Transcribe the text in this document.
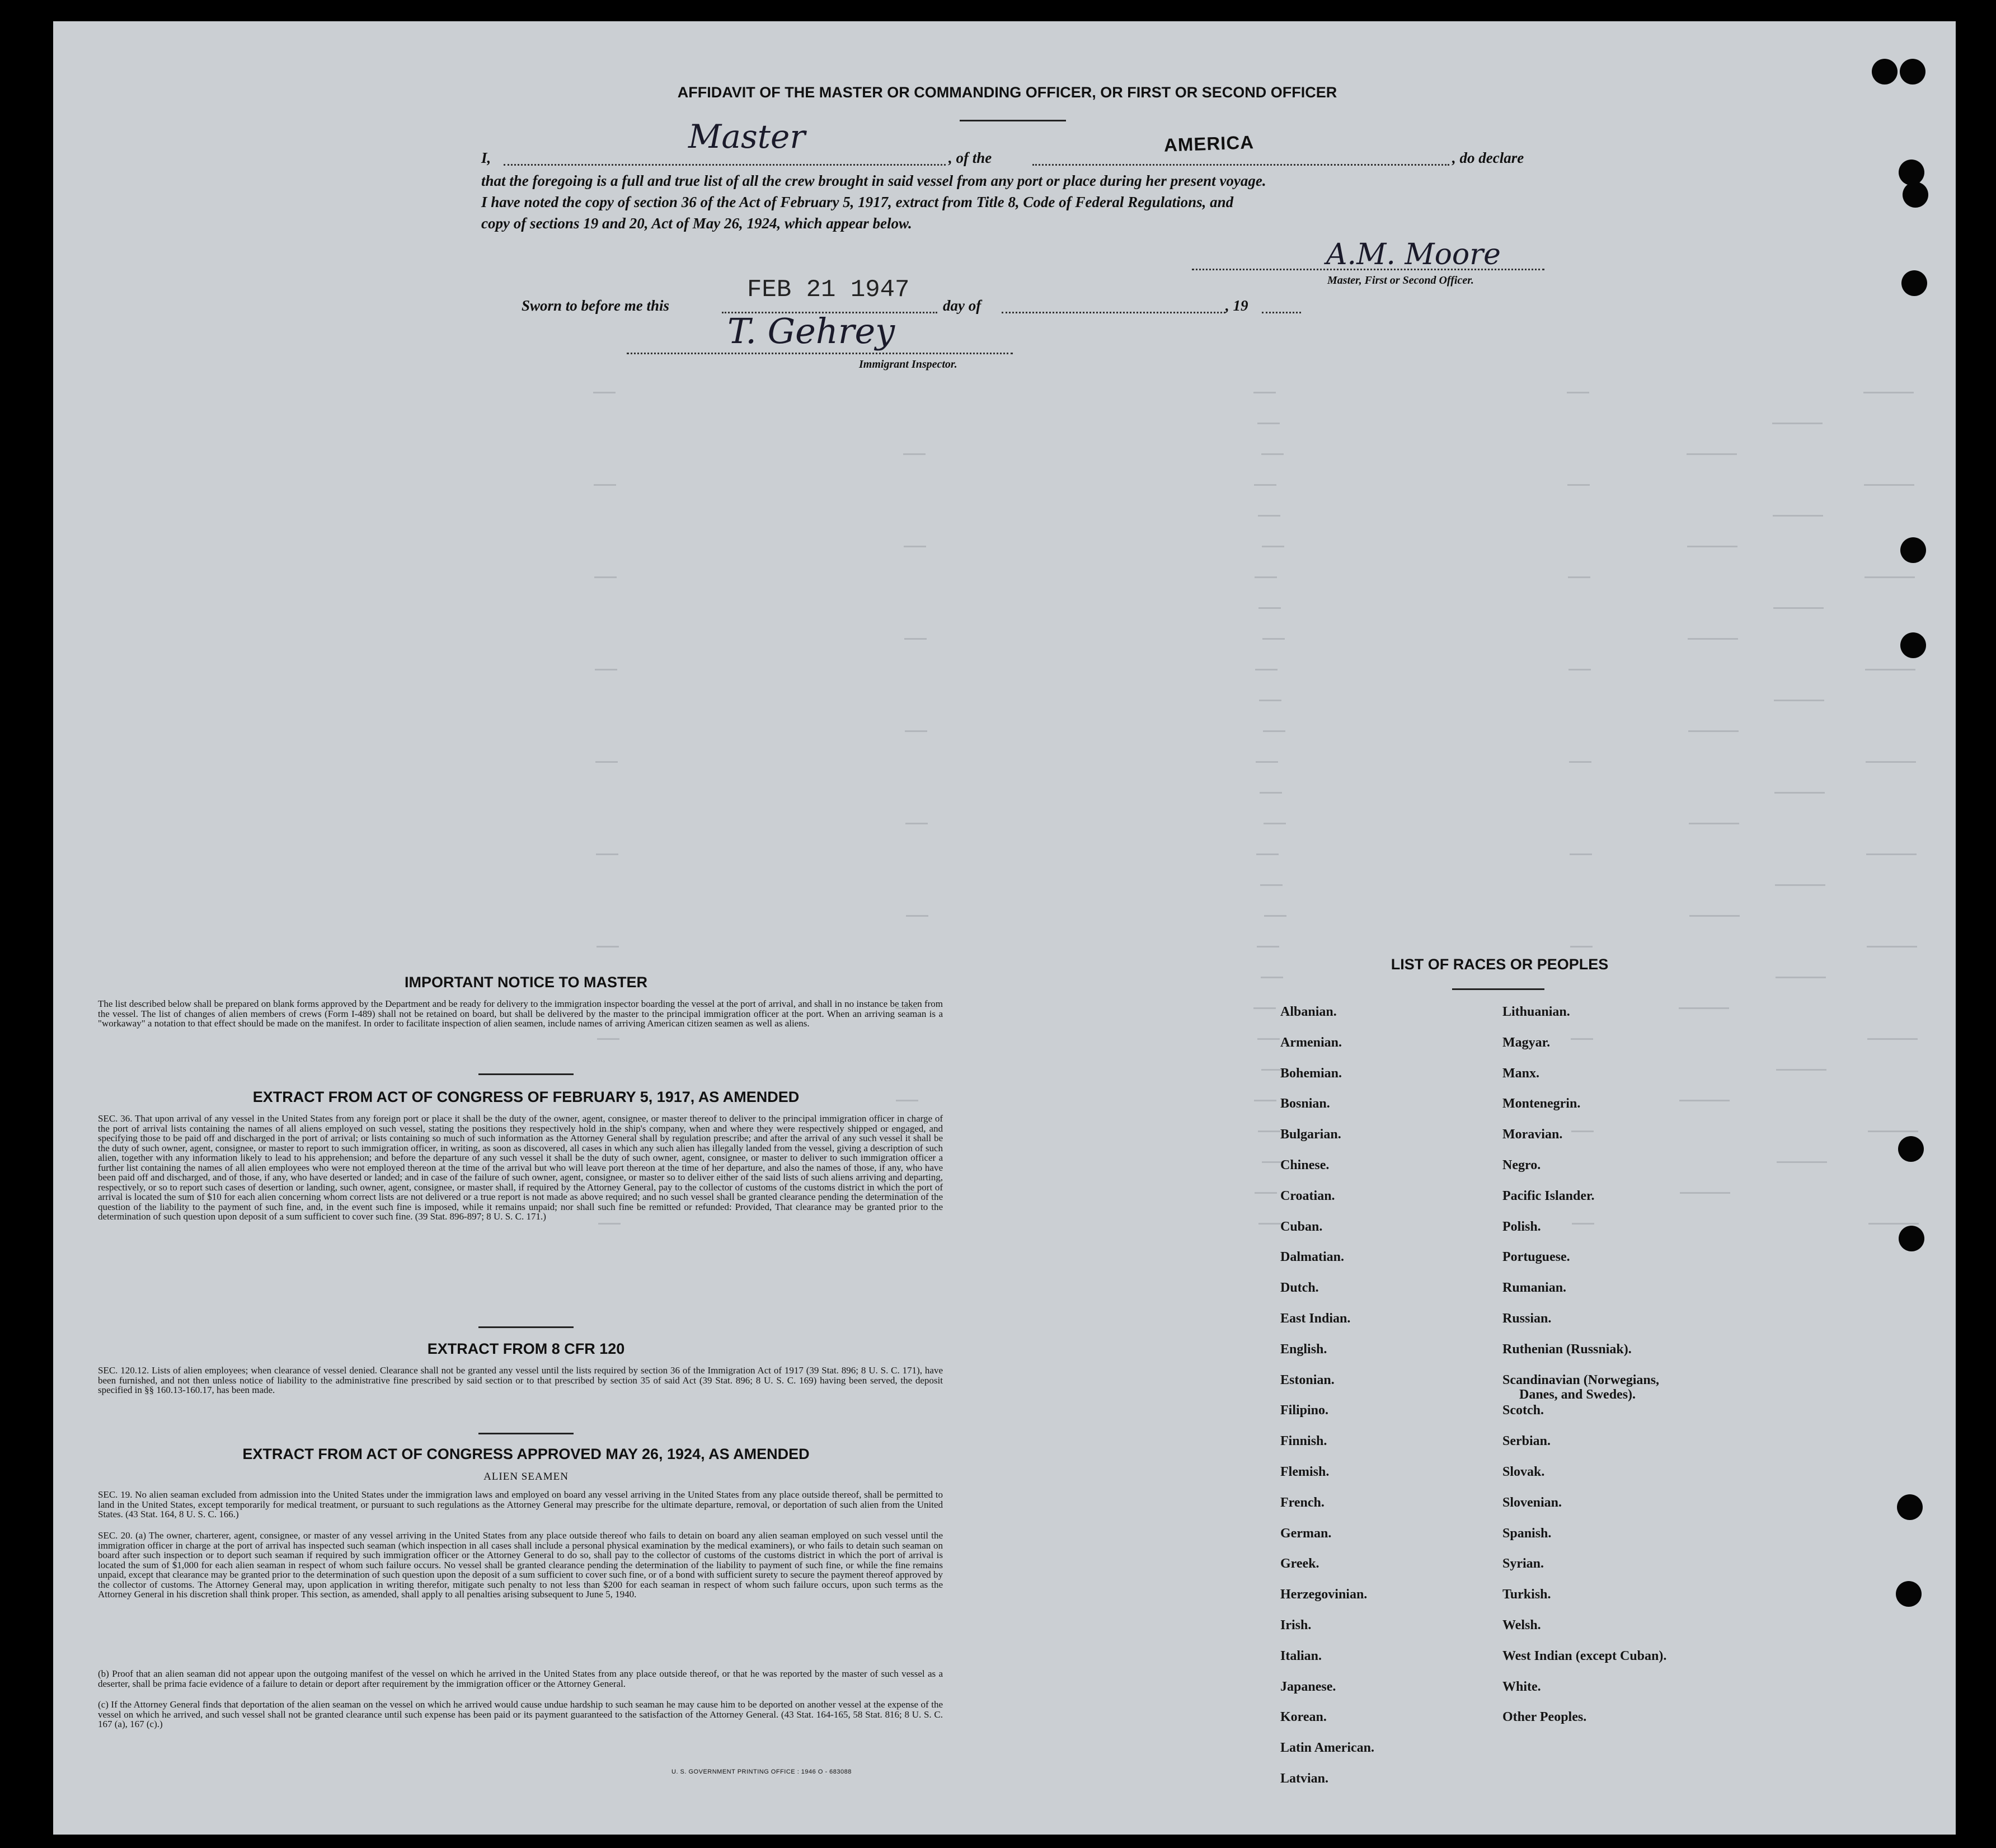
AFFIDAVIT OF THE MASTER OR COMMANDING OFFICER, OR FIRST OR SECOND OFFICER
I,
Master
, of the
AMERICA
, do declare
that the foregoing is a full and true list of all the crew brought in said vessel from any port or place during her present voyage.
I have noted the copy of section 36 of the Act of February 5, 1917, extract from Title 8, Code of Federal Regulations, and
copy of sections 19 and 20, Act of May 26, 1924, which appear below.
A.M. Moore
Master, First or Second Officer.
Sworn to before me this
FEB 21 1947
day of	, 19
T. Gehrey
Immigrant Inspector.
IMPORTANT NOTICE TO MASTER
The list described below shall be prepared on blank forms approved by the Department and be ready for delivery to the immigration inspector boarding the vessel at the port of arrival, and shall in no instance be taken from the vessel. The list of changes of alien members of crews (Form I-489) shall not be retained on board, but shall be delivered by the master to the principal immigration officer at the port. When an arriving seaman is a "workaway" a notation to that effect should be made on the manifest. In order to facilitate inspection of alien seamen, include names of arriving American citizen seamen as well as aliens.
EXTRACT FROM ACT OF CONGRESS OF FEBRUARY 5, 1917, AS AMENDED
SEC. 36. That upon arrival of any vessel in the United States from any foreign port or place it shall be the duty of the owner, agent, consignee, or master thereof to deliver to the principal immigration officer in charge of the port of arrival lists containing the names of all aliens employed on such vessel, stating the positions they respectively hold in the ship's company, when and where they were respectively shipped or engaged, and specifying those to be paid off and discharged in the port of arrival; or lists containing so much of such information as the Attorney General shall by regulation prescribe; and after the arrival of any such vessel it shall be the duty of such owner, agent, consignee, or master to report to such immigration officer, in writing, as soon as discovered, all cases in which any such alien has illegally landed from the vessel, giving a description of such alien, together with any information likely to lead to his apprehension; and before the departure of any such vessel it shall be the duty of such owner, agent, consignee, or master to deliver to such immigration officer a further list containing the names of all alien employees who were not employed thereon at the time of the arrival but who will leave port thereon at the time of her departure, and also the names of those, if any, who have been paid off and discharged, and of those, if any, who have deserted or landed; and in case of the failure of such owner, agent, consignee, or master so to deliver either of the said lists of such aliens arriving and departing, respectively, or so to report such cases of desertion or landing, such owner, agent, consignee, or master shall, if required by the Attorney General, pay to the collector of customs of the customs district in which the port of arrival is located the sum of $10 for each alien concerning whom correct lists are not delivered or a true report is not made as above required; and no such vessel shall be granted clearance pending the determination of the question of the liability to the payment of such fine, and, in the event such fine is imposed, while it remains unpaid; nor shall such fine be remitted or refunded: Provided, That clearance may be granted prior to the determination of such question upon deposit of a sum sufficient to cover such fine. (39 Stat. 896-897; 8 U. S. C. 171.)
EXTRACT FROM 8 CFR 120
SEC. 120.12. Lists of alien employees; when clearance of vessel denied. Clearance shall not be granted any vessel until the lists required by section 36 of the Immigration Act of 1917 (39 Stat. 896; 8 U. S. C. 171), have been furnished, and not then unless notice of liability to the administrative fine prescribed by said section or to that prescribed by section 35 of said Act (39 Stat. 896; 8 U. S. C. 169) having been served, the deposit specified in §§ 160.13-160.17, has been made.
EXTRACT FROM ACT OF CONGRESS APPROVED MAY 26, 1924, AS AMENDED
ALIEN SEAMEN
SEC. 19. No alien seaman excluded from admission into the United States under the immigration laws and employed on board any vessel arriving in the United States from any place outside thereof, shall be permitted to land in the United States, except temporarily for medical treatment, or pursuant to such regulations as the Attorney General may prescribe for the ultimate departure, removal, or deportation of such alien from the United States. (43 Stat. 164, 8 U. S. C. 166.)
SEC. 20. (a) The owner, charterer, agent, consignee, or master of any vessel arriving in the United States from any place outside thereof who fails to detain on board any alien seaman employed on such vessel until the immigration officer in charge at the port of arrival has inspected such seaman (which inspection in all cases shall include a personal physical examination by the medical examiners), or who fails to detain such seaman on board after such inspection or to deport such seaman if required by such immigration officer or the Attorney General to do so, shall pay to the collector of customs of the customs district in which the port of arrival is located the sum of $1,000 for each alien seaman in respect of whom such failure occurs. No vessel shall be granted clearance pending the determination of the liability to payment of such fine, or while the fine remains unpaid, except that clearance may be granted prior to the determination of such question upon the deposit of a sum sufficient to cover such fine, or of a bond with sufficient surety to secure the payment thereof approved by the collector of customs. The Attorney General may, upon application in writing therefor, mitigate such penalty to not less than $200 for each seaman in respect of whom such failure occurs, upon such terms as the Attorney General in his discretion shall think proper. This section, as amended, shall apply to all penalties arising subsequent to June 5, 1940.
(b) Proof that an alien seaman did not appear upon the outgoing manifest of the vessel on which he arrived in the United States from any place outside thereof, or that he was reported by the master of such vessel as a deserter, shall be prima facie evidence of a failure to detain or deport after requirement by the immigration officer or the Attorney General.
(c) If the Attorney General finds that deportation of the alien seaman on the vessel on which he arrived would cause undue hardship to such seaman he may cause him to be deported on another vessel at the expense of the vessel on which he arrived, and such vessel shall not be granted clearance until such expense has been paid or its payment guaranteed to the satisfaction of the Attorney General. (43 Stat. 164-165, 58 Stat. 816; 8 U. S. C. 167 (a), 167 (c).)
U. S. GOVERNMENT PRINTING OFFICE : 1946 O - 683088
LIST OF RACES OR PEOPLES
Albanian.
Armenian.
Bohemian.
Bosnian.
Bulgarian.
Chinese.
Croatian.
Cuban.
Dalmatian.
Dutch.
East Indian.
English.
Estonian.
Filipino.
Finnish.
Flemish.
French.
German.
Greek.
Herzegovinian.
Irish.
Italian.
Japanese.
Korean.
Latin American.
Latvian.
Lithuanian.
Magyar.
Manx.
Montenegrin.
Moravian.
Negro.
Pacific Islander.
Polish.
Portuguese.
Rumanian.
Russian.
Ruthenian (Russniak).
Scandinavian (Norwegians,
Danes, and Swedes).
Scotch.
Serbian.
Slovak.
Slovenian.
Spanish.
Syrian.
Turkish.
Welsh.
West Indian (except Cuban).
White.
Other Peoples.
